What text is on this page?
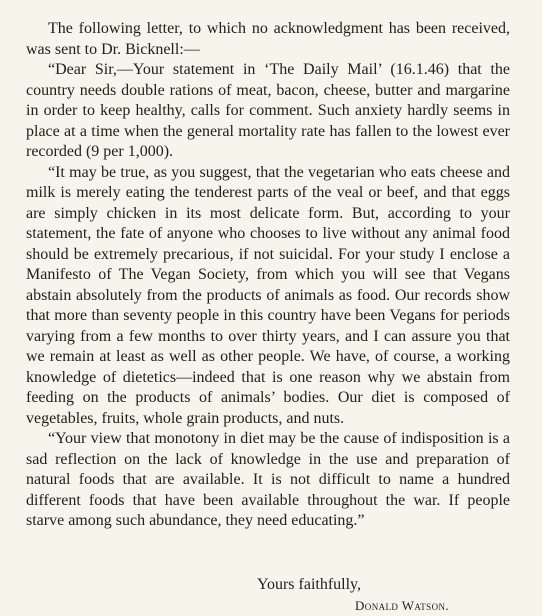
The following letter, to which no acknowledgment has been received, was sent to Dr. Bicknell:—

“Dear Sir,—Your statement in ‘The Daily Mail’ (16.1.46) that the country needs double rations of meat, bacon, cheese, butter and margarine in order to keep healthy, calls for comment. Such anxiety hardly seems in place at a time when the general mortality rate has fallen to the lowest ever recorded (9 per 1,000).

“It may be true, as you suggest, that the vegetarian who eats cheese and milk is merely eating the tenderest parts of the veal or beef, and that eggs are simply chicken in its most delicate form. But, according to your statement, the fate of anyone who chooses to live without any animal food should be extremely precarious, if not suicidal. For your study I enclose a Manifesto of The Vegan Society, from which you will see that Vegans abstain absolutely from the products of animals as food. Our records show that more than seventy people in this country have been Vegans for periods varying from a few months to over thirty years, and I can assure you that we remain at least as well as other people. We have, of course, a working knowledge of dietetics—indeed that is one reason why we abstain from feeding on the products of animals’ bodies. Our diet is composed of vegetables, fruits, whole grain products, and nuts.

“Your view that monotony in diet may be the cause of indisposition is a sad reflection on the lack of knowledge in the use and preparation of natural foods that are available. It is not difficult to name a hundred different foods that have been available throughout the war. If people starve among such abundance, they need educating.”

Yours faithfully,
Donald Watson.
